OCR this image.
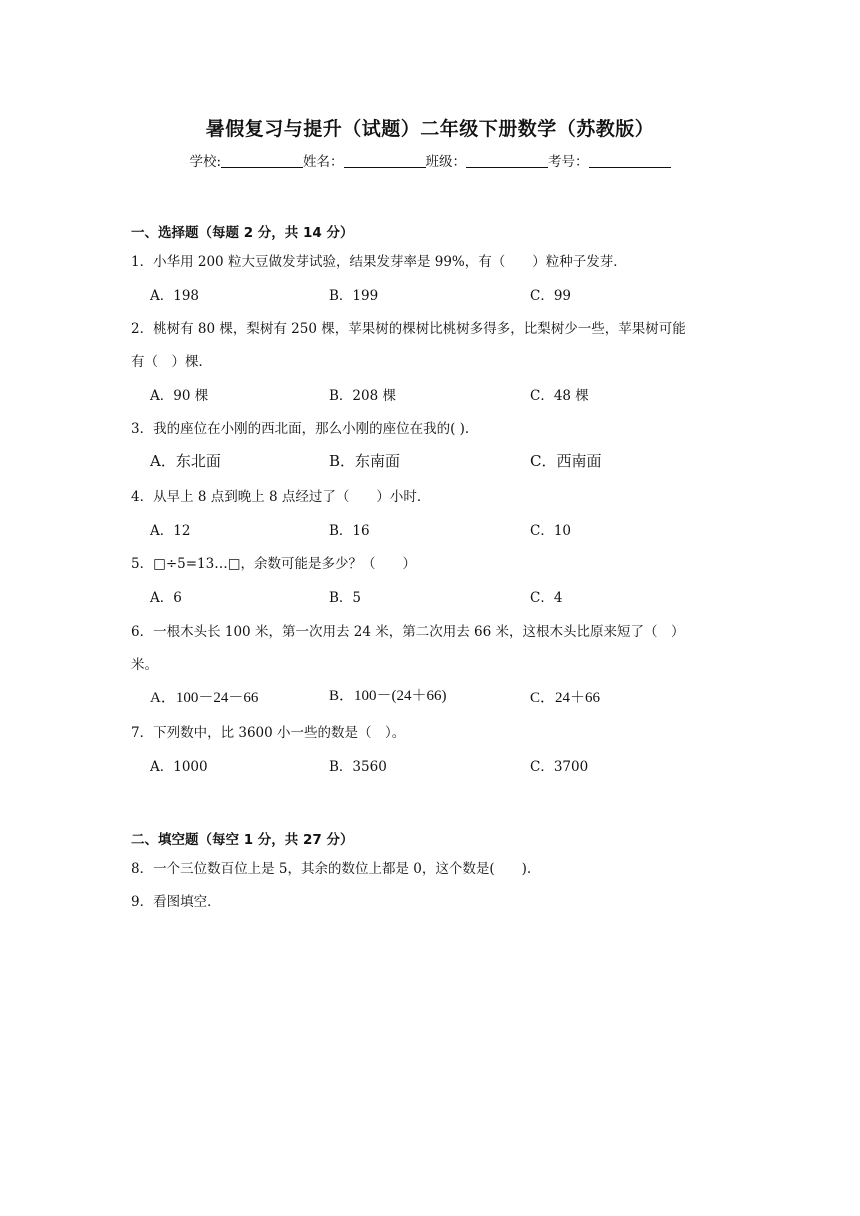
暑假复习与提升（试题）二年级下册数学（苏教版）
学校:	姓名：	班级：	考号：
一、选择题（每题 2 分，共 14 分）
1．小华用 200 粒大豆做发芽试验，结果发芽率是 99%，有（　　）粒种子发芽．
A．198	B．199	C．99
2．桃树有 80 棵，梨树有 250 棵，苹果树的棵树比桃树多得多，比梨树少一些，苹果树可能
有（　）棵．
A．90 棵	B．208 棵	C．48 棵
3．我的座位在小刚的西北面，那么小刚的座位在我的( ).
A．东北面	B．东南面	C．西南面
4．从早上 8 点到晚上 8 点经过了（　　）小时．
A．12	B．16	C．10
5．□÷5=13…□，余数可能是多少？（　　）
A．6	B．5	C．4
6．一根木头长 100 米，第一次用去 24 米，第二次用去 66 米，这根木头比原来短了（　）
米。
A．100－24－66	B．100－(24＋66)	C．24＋66
7．下列数中，比 3600 小一些的数是（　）。
A．1000	B．3560	C．3700
二、填空题（每空 1 分，共 27 分）
8．一个三位数百位上是 5，其余的数位上都是 0，这个数是(　　).
9．看图填空．
